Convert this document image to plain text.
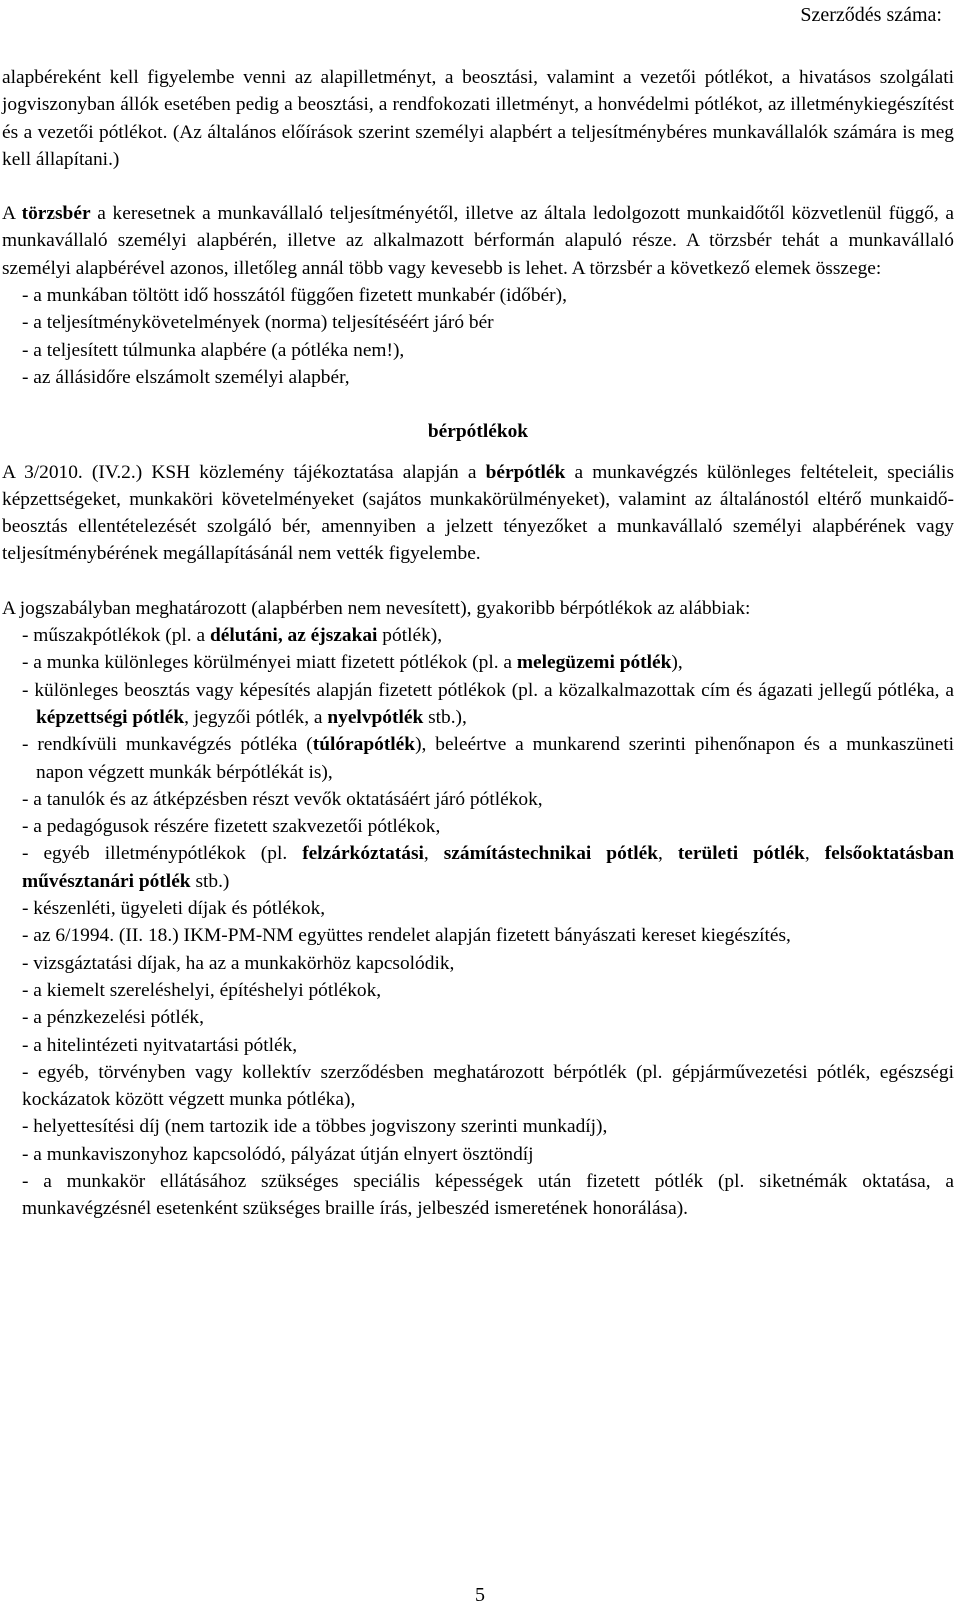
Szerződés száma:

alapbéreként kell figyelembe venni az alapilletményt, a beosztási, valamint a vezetői pótlékot, a hivatásos szolgálati jogviszonyban állók esetében pedig a beosztási, a rendfokozati illetményt, a honvédelmi pótlékot, az illetménykiegészítést és a vezetői pótlékot. (Az általános előírások szerint személyi alapbért a teljesítménybéres munkavállalók számára is meg kell állapítani.)

A törzsbér a keresetnek a munkavállaló teljesítményétől, illetve az általa ledolgozott munkaidőtől közvetlenül függő, a munkavállaló személyi alapbérén, illetve az alkalmazott bérformán alapuló része. A törzsbér tehát a munkavállaló személyi alapbérével azonos, illetőleg annál több vagy kevesebb is lehet. A törzsbér a következő elemek összege:

- a munkában töltött idő hosszától függően fizetett munkabér (időbér),
- a teljesítménykövetelmények (norma) teljesítéséért járó bér
- a teljesített túlmunka alapbére (a pótléka nem!),
- az állásidőre elszámolt személyi alapbér,

bérpótlékok

A 3/2010. (IV.2.) KSH közlemény tájékoztatása alapján a bérpótlék a munkavégzés különleges feltételeit, speciális képzettségeket, munkaköri követelményeket (sajátos munkakörülményeket), valamint az általánostól eltérő munkaidő-beosztás ellentételezését szolgáló bér, amennyiben a jelzett tényezőket a munkavállaló személyi alapbérének vagy teljesítménybérének megállapításánál nem vették figyelembe.

A jogszabályban meghatározott (alapbérben nem nevesített), gyakoribb bérpótlékok az alábbiak:

- műszakpótlékok (pl. a délutáni, az éjszakai pótlék),
- a munka különleges körülményei miatt fizetett pótlékok (pl. a melegüzemi pótlék),
- különleges beosztás vagy képesítés alapján fizetett pótlékok (pl. a közalkalmazottak cím és ágazati jellegű pótléka, a képzettségi pótlék, jegyzői pótlék, a nyelvpótlék stb.),
- rendkívüli munkavégzés pótléka (túlórapótlék), beleértve a munkarend szerinti pihenőnapon és a munkaszüneti napon végzett munkák bérpótlékát is),
- a tanulók és az átképzésben részt vevők oktatásáért járó pótlékok,
- a pedagógusok részére fizetett szakvezetői pótlékok,
- egyéb illetménypótlékok (pl. felzárkóztatási, számítástechnikai pótlék, területi pótlék, felsőoktatásban művésztanári pótlék stb.)
- készenléti, ügyeleti díjak és pótlékok,
- az 6/1994. (II. 18.) IKM-PM-NM együttes rendelet alapján fizetett bányászati kereset kiegészítés,
- vizsgáztatási díjak, ha az a munkakörhöz kapcsolódik,
- a kiemelt szereléshelyi, építéshelyi pótlékok,
- a pénzkezelési pótlék,
- a hitelintézeti nyitvatartási pótlék,
- egyéb, törvényben vagy kollektív szerződésben meghatározott bérpótlék (pl. gépjárművezetési pótlék, egészségi kockázatok között végzett munka pótléka),
- helyettesítési díj (nem tartozik ide a többes jogviszony szerinti munkadíj),
- a munkaviszonyhoz kapcsolódó, pályázat útján elnyert ösztöndíj
- a munkakör ellátásához szükséges speciális képességek után fizetett pótlék (pl. siketnémák oktatása, a munkavégzésnél esetenként szükséges braille írás, jelbeszéd ismeretének honorálása).
5
